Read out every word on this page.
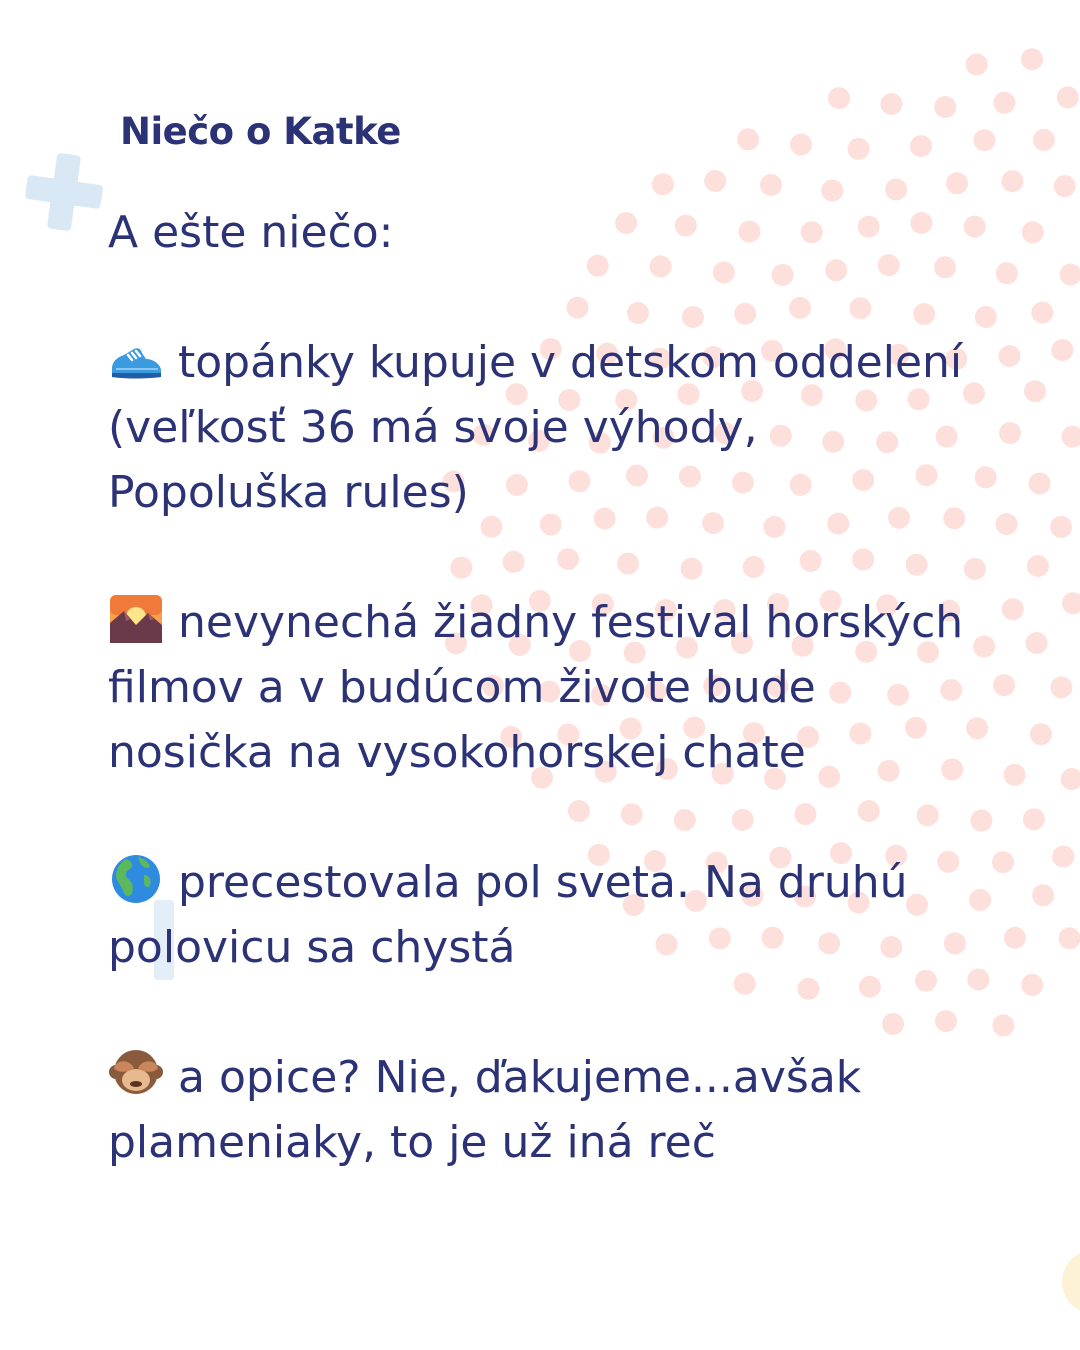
Niečo o Katke

A ešte niečo:

topánky kupuje v detskom oddelení (veľkosť 36 má svoje výhody, Popoluška rules)

nevynechá žiadny festival horských filmov a v budúcom živote bude nosička na vysokohorskej chate

precestovala pol sveta. Na druhú polovicu sa chystá

a opice? Nie, ďakujeme...avšak plameniaky, to je už iná reč
